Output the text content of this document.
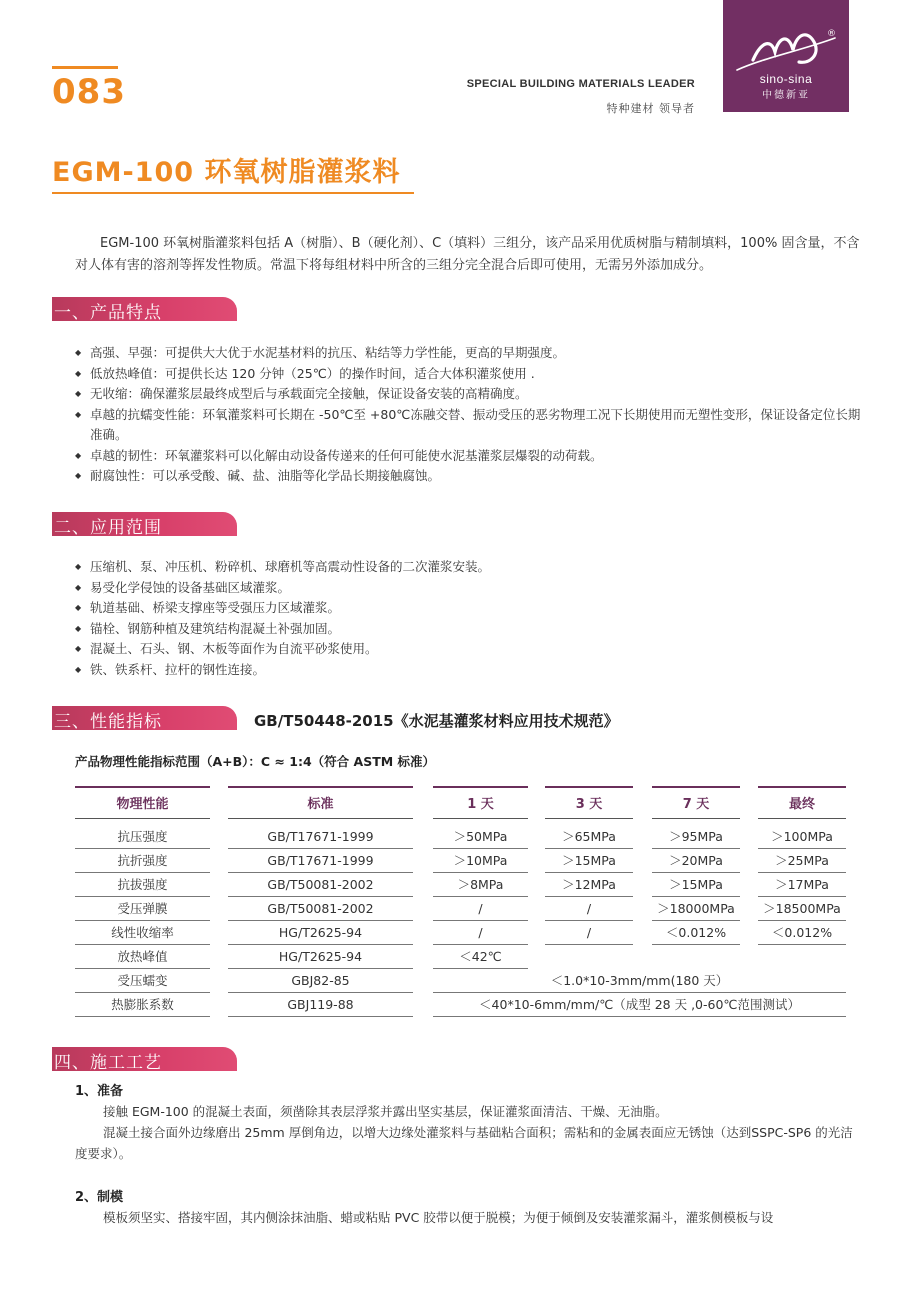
083	SPECIAL BUILDING MATERIALS LEADER
特种建材 领导者
®
sino-sina
中德新亚
EGM-100 环氧树脂灌浆料
EGM-100 环氧树脂灌浆料包括 A（树脂）、B（硬化剂）、C（填料）三组分，该产品采用优质树脂与精制填料，100% 固含量，不含对人体有害的溶剂等挥发性物质。常温下将每组材料中所含的三组分完全混合后即可使用，无需另外添加成分。
一、产品特点
◆ 高强、早强：可提供大大优于水泥基材料的抗压、粘结等力学性能，更高的早期强度。
◆ 低放热峰值：可提供长达 120 分钟（25℃）的操作时间，适合大体积灌浆使用 .
◆ 无收缩：确保灌浆层最终成型后与承载面完全接触，保证设备安装的高精确度。
◆ 卓越的抗蠕变性能：环氧灌浆料可长期在 -50℃至 +80℃冻融交替、振动受压的恶劣物理工况下长期使用而无塑性变形，保证设备定位长期准确。
◆ 卓越的韧性：环氧灌浆料可以化解由动设备传递来的任何可能使水泥基灌浆层爆裂的动荷载。
◆ 耐腐蚀性：可以承受酸、碱、盐、油脂等化学品长期接触腐蚀。
二、应用范围
◆ 压缩机、泵、冲压机、粉碎机、球磨机等高震动性设备的二次灌浆安装。
◆ 易受化学侵蚀的设备基础区域灌浆。
◆ 轨道基础、桥梁支撑座等受强压力区域灌浆。
◆ 锚栓、钢筋种植及建筑结构混凝土补强加固。
◆ 混凝土、石头、钢、木板等面作为自流平砂浆使用。
◆ 铁、铁系杆、拉杆的钢性连接。
三、性能指标	GB/T50448-2015《水泥基灌浆材料应用技术规范》
产品物理性能指标范围（A+B）：C ≈ 1:4（符合 ASTM 标准）
物理性能	标准	1 天	3 天	7 天	最终
抗压强度	GB/T17671-1999	＞50MPa	＞65MPa	＞95MPa	＞100MPa
抗折强度	GB/T17671-1999	＞10MPa	＞15MPa	＞20MPa	＞25MPa
抗拔强度	GB/T50081-2002	＞8MPa	＞12MPa	＞15MPa	＞17MPa
受压弹膜	GB/T50081-2002	/	/	＞18000MPa	＞18500MPa
线性收缩率	HG/T2625-94	/	/	＜0.012%	＜0.012%
放热峰值	HG/T2625-94	＜42℃
受压蠕变	GBJ82-85	＜1.0*10-3mm/mm(180 天）
热膨胀系数	GBJ119-88	＜40*10-6mm/mm/℃（成型 28 天 ,0-60℃范围测试）
四、施工工艺
1、准备
接触 EGM-100 的混凝土表面，须凿除其表层浮浆并露出坚实基层，保证灌浆面清洁、干燥、无油脂。
混凝土接合面外边缘磨出 25mm 厚倒角边，以增大边缘处灌浆料与基础粘合面积；需粘和的金属表面应无锈蚀（达到SSPC-SP6 的光洁度要求）。
2、制模
模板须坚实、搭接牢固，其内侧涂抹油脂、蜡或粘贴 PVC 胶带以便于脱模；为便于倾倒及安装灌浆漏斗，灌浆侧模板与设
